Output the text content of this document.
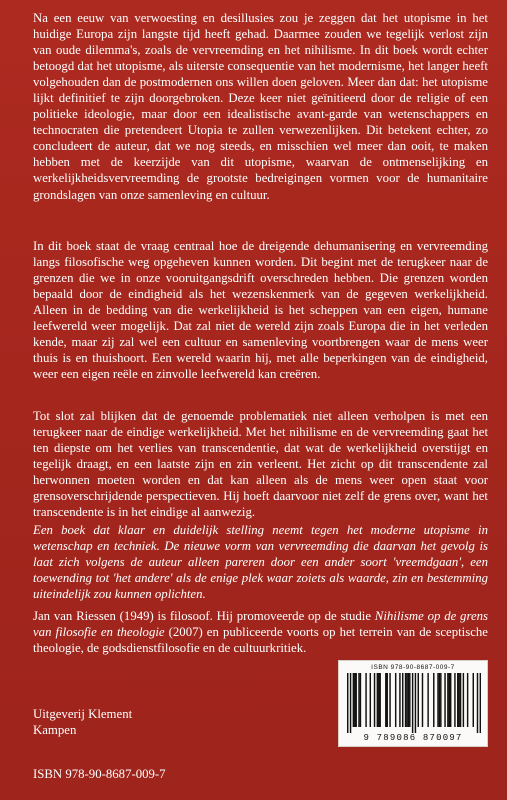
Na een eeuw van verwoesting en desillusies zou je zeggen dat het utopisme in het huidige Europa zijn langste tijd heeft gehad. Daarmee zouden we tegelijk verlost zijn van oude dilemma's, zoals de vervreemding en het nihilisme. In dit boek wordt echter betoogd dat het utopisme, als uiterste consequentie van het modernisme, het langer heeft volgehouden dan de postmodernen ons willen doen geloven. Meer dan dat: het utopisme lijkt definitief te zijn doorgebroken. Deze keer niet geïnitieerd door de religie of een politieke ideologie, maar door een idealistische avant-garde van wetenschappers en technocraten die pretendeert Utopia te zullen verwezenlijken. Dit betekent echter, zo concludeert de auteur, dat we nog steeds, en misschien wel meer dan ooit, te maken hebben met de keerzijde van dit utopisme, waarvan de ontmenselijking en werkelijkheidsvervreemding de grootste bedreigingen vormen voor de humanitaire grondslagen van onze samenleving en cultuur.

In dit boek staat de vraag centraal hoe de dreigende dehumanisering en vervreemding langs filosofische weg opgeheven kunnen worden. Dit begint met de terugkeer naar de grenzen die we in onze vooruitgangsdrift overschreden hebben. Die grenzen worden bepaald door de eindigheid als het wezenskenmerk van de gegeven werkelijkheid. Alleen in de bedding van die werkelijkheid is het scheppen van een eigen, humane leefwereld weer mogelijk. Dat zal niet de wereld zijn zoals Europa die in het verleden kende, maar zij zal wel een cultuur en samenleving voortbrengen waar de mens weer thuis is en thuishoort. Een wereld waarin hij, met alle beperkingen van de eindigheid, weer een eigen reële en zinvolle leefwereld kan creëren.

Tot slot zal blijken dat de genoemde problematiek niet alleen verholpen is met een terugkeer naar de eindige werkelijkheid. Met het nihilisme en de vervreemding gaat het ten diepste om het verlies van transcendentie, dat wat de werkelijkheid overstijgt en tegelijk draagt, en een laatste zijn en zin verleent. Het zicht op dit transcendente zal herwonnen moeten worden en dat kan alleen als de mens weer open staat voor grensoverschrijdende perspectieven. Hij hoeft daarvoor niet zelf de grens over, want het transcendente is in het eindige al aanwezig.

Een boek dat klaar en duidelijk stelling neemt tegen het moderne utopisme in wetenschap en techniek. De nieuwe vorm van vervreemding die daarvan het gevolg is laat zich volgens de auteur alleen pareren door een ander soort 'vreemdgaan', een toewending tot 'het andere' als de enige plek waar zoiets als waarde, zin en bestemming uiteindelijk zou kunnen oplichten.

Jan van Riessen (1949) is filosoof. Hij promoveerde op de studie Nihilisme op de grens van filosofie en theologie (2007) en publiceerde voorts op het terrein van de sceptische theologie, de godsdienstfilosofie en de cultuurkritiek.

Uitgeverij Klement
Kampen
ISBN 978-90-8687-009-7
ISBN 978-90-8687-009-7
9 789086 870097
